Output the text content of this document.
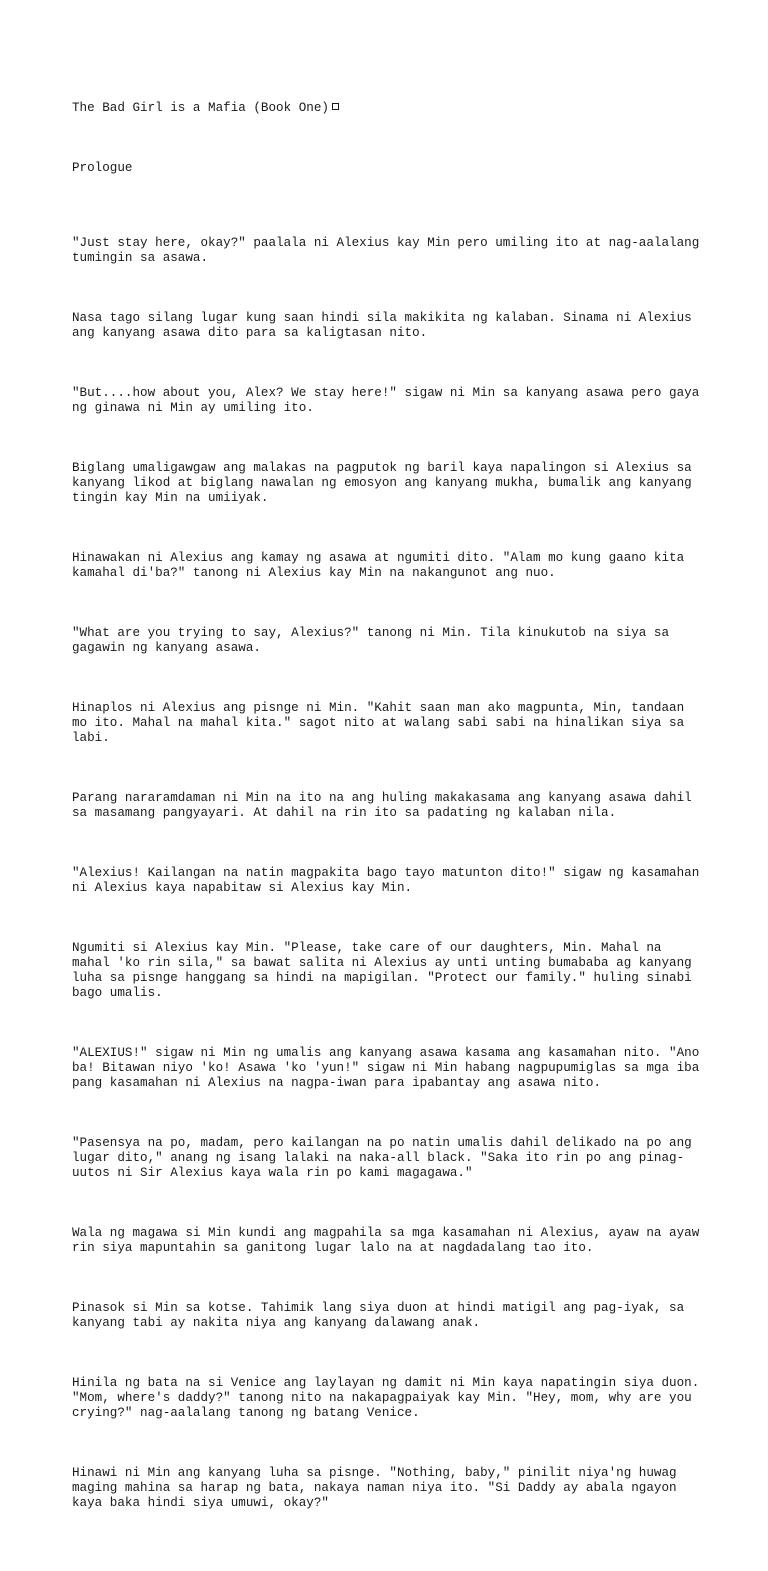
The Bad Girl is a Mafia (Book One)

Prologue

"Just stay here, okay?" paalala ni Alexius kay Min pero umiling ito at nag-aalalang
tumingin sa asawa.

Nasa tago silang lugar kung saan hindi sila makikita ng kalaban. Sinama ni Alexius
ang kanyang asawa dito para sa kaligtasan nito.

"But....how about you, Alex? We stay here!" sigaw ni Min sa kanyang asawa pero gaya
ng ginawa ni Min ay umiling ito.

Biglang umaligawgaw ang malakas na pagputok ng baril kaya napalingon si Alexius sa
kanyang likod at biglang nawalan ng emosyon ang kanyang mukha, bumalik ang kanyang
tingin kay Min na umiiyak.

Hinawakan ni Alexius ang kamay ng asawa at ngumiti dito. "Alam mo kung gaano kita
kamahal di'ba?" tanong ni Alexius kay Min na nakangunot ang nuo.

"What are you trying to say, Alexius?" tanong ni Min. Tila kinukutob na siya sa
gagawin ng kanyang asawa.

Hinaplos ni Alexius ang pisnge ni Min. "Kahit saan man ako magpunta, Min, tandaan
mo ito. Mahal na mahal kita." sagot nito at walang sabi sabi na hinalikan siya sa
labi.

Parang nararamdaman ni Min na ito na ang huling makakasama ang kanyang asawa dahil
sa masamang pangyayari. At dahil na rin ito sa padating ng kalaban nila.

"Alexius! Kailangan na natin magpakita bago tayo matunton dito!" sigaw ng kasamahan
ni Alexius kaya napabitaw si Alexius kay Min.

Ngumiti si Alexius kay Min. "Please, take care of our daughters, Min. Mahal na
mahal 'ko rin sila," sa bawat salita ni Alexius ay unti unting bumababa ag kanyang
luha sa pisnge hanggang sa hindi na mapigilan. "Protect our family." huling sinabi
bago umalis.

"ALEXIUS!" sigaw ni Min ng umalis ang kanyang asawa kasama ang kasamahan nito. "Ano
ba! Bitawan niyo 'ko! Asawa 'ko 'yun!" sigaw ni Min habang nagpupumiglas sa mga iba
pang kasamahan ni Alexius na nagpa-iwan para ipabantay ang asawa nito.

"Pasensya na po, madam, pero kailangan na po natin umalis dahil delikado na po ang
lugar dito," anang ng isang lalaki na naka-all black. "Saka ito rin po ang pinag-
uutos ni Sir Alexius kaya wala rin po kami magagawa."

Wala ng magawa si Min kundi ang magpahila sa mga kasamahan ni Alexius, ayaw na ayaw
rin siya mapuntahin sa ganitong lugar lalo na at nagdadalang tao ito.

Pinasok si Min sa kotse. Tahimik lang siya duon at hindi matigil ang pag-iyak, sa
kanyang tabi ay nakita niya ang kanyang dalawang anak.

Hinila ng bata na si Venice ang laylayan ng damit ni Min kaya napatingin siya duon.
"Mom, where's daddy?" tanong nito na nakapagpaiyak kay Min. "Hey, mom, why are you
crying?" nag-aalalang tanong ng batang Venice.

Hinawi ni Min ang kanyang luha sa pisnge. "Nothing, baby," pinilit niya'ng huwag
maging mahina sa harap ng bata, nakaya naman niya ito. "Si Daddy ay abala ngayon
kaya baka hindi siya umuwi, okay?"
